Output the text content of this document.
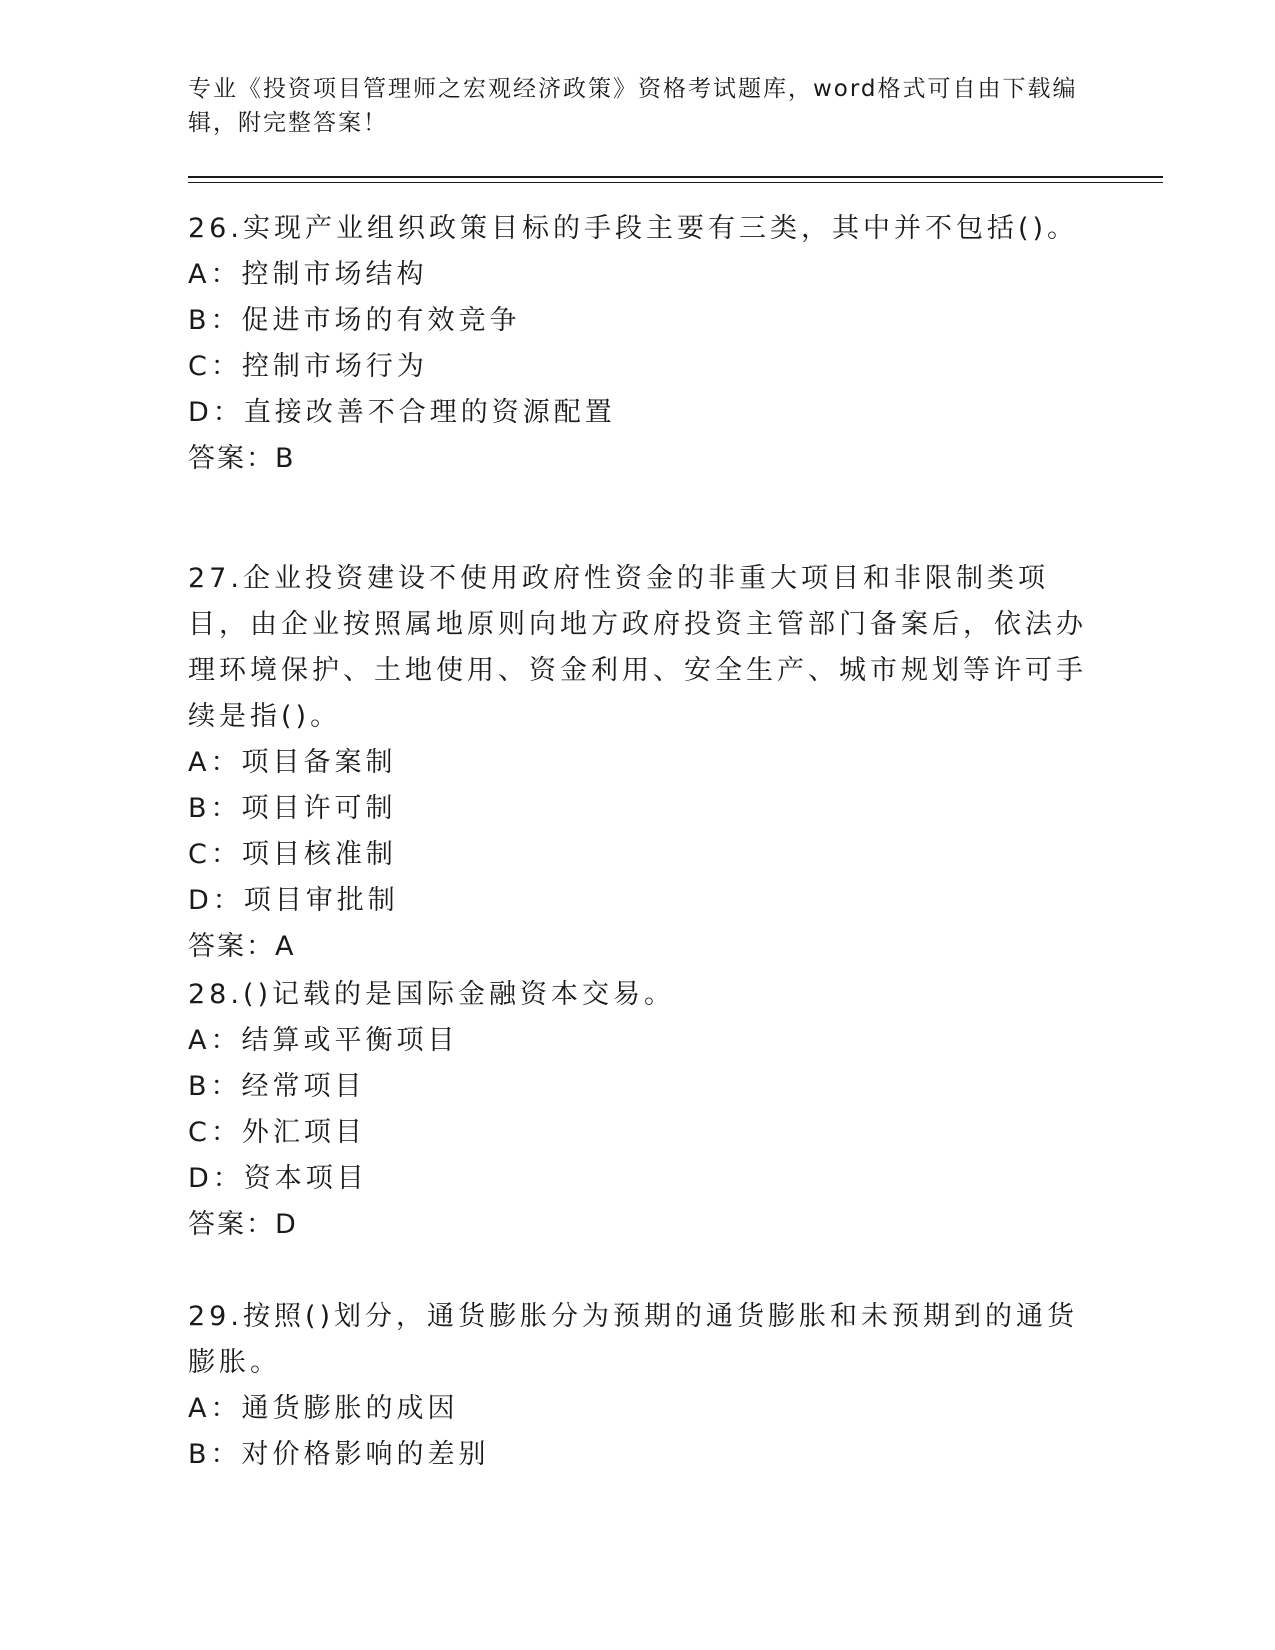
专业《投资项目管理师之宏观经济政策》资格考试题库，word格式可自由下载编辑，附完整答案！

26.实现产业组织政策目标的手段主要有三类，其中并不包括()。

A：控制市场结构

B：促进市场的有效竞争

C：控制市场行为

D：直接改善不合理的资源配置

答案：B

27.企业投资建设不使用政府性资金的非重大项目和非限制类项目，由企业按照属地原则向地方政府投资主管部门备案后，依法办理环境保护、土地使用、资金利用、安全生产、城市规划等许可手续是指()。

A：项目备案制

B：项目许可制

C：项目核准制

D：项目审批制

答案：A

28.()记载的是国际金融资本交易。

A：结算或平衡项目

B：经常项目

C：外汇项目

D：资本项目

答案：D

29.按照()划分，通货膨胀分为预期的通货膨胀和未预期到的通货膨胀。

A：通货膨胀的成因

B：对价格影响的差别
